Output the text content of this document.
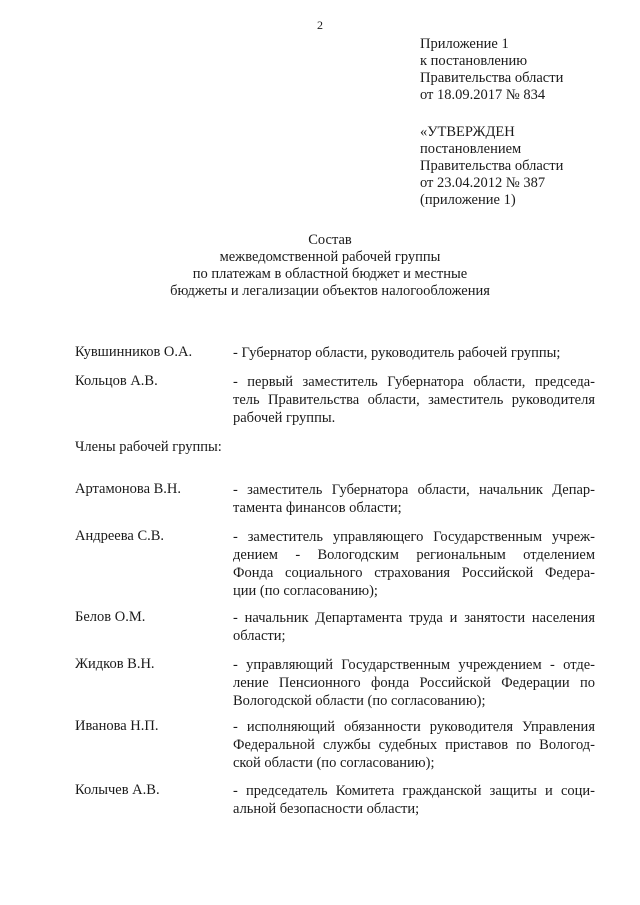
2
Приложение 1
к постановлению
Правительства области
от 18.09.2017 № 834
«УТВЕРЖДЕН
постановлением
Правительства области
от 23.04.2012 № 387
(приложение 1)
Состав
межведомственной рабочей группы
по платежам в областной бюджет и местные
бюджеты и легализации объектов налогообложения
Кувшинников О.А.	- Губернатор области, руководитель рабочей группы;
Кольцов А.В.	- первый заместитель Губернатора области, председа-
тель Правительства области, заместитель руководителя
рабочей группы.
Члены рабочей группы:
Артамонова В.Н.	- заместитель Губернатора области, начальник Депар-
тамента финансов области;
Андреева С.В.	- заместитель управляющего Государственным учреж-
дением - Вологодским региональным отделением
Фонда социального страхования Российской Федера-
ции (по согласованию);
Белов О.М.	- начальник Департамента труда и занятости населения
области;
Жидков В.Н.	- управляющий Государственным учреждением - отде-
ление Пенсионного фонда Российской Федерации по
Вологодской области (по согласованию);
Иванова Н.П.	- исполняющий обязанности руководителя Управления
Федеральной службы судебных приставов по Вологод-
ской области (по согласованию);
Колычев А.В.	- председатель Комитета гражданской защиты и соци-
альной безопасности области;
